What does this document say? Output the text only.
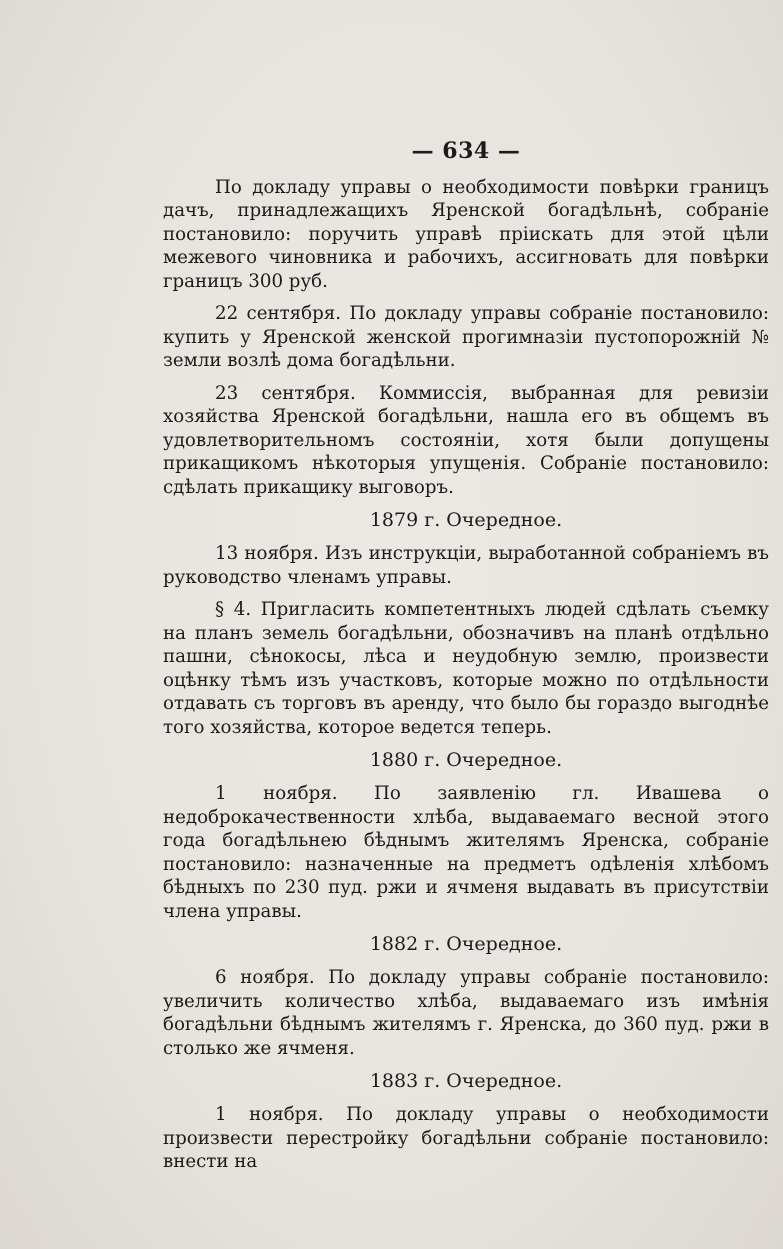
— 634 —

По докладу управы о необходимости повѣрки границъ дачъ, принадлежащихъ Яренской богадѣльнѣ, собраніе постановило: поручить управѣ пріискать для этой цѣли межевого чиновника и рабочихъ, ассигновать для повѣрки границъ 300 руб.

22 сентября. По докладу управы собраніе постановило: купить у Яренской женской прогимназіи пустопорожній № земли возлѣ дома богадѣльни.

23 сентября. Коммиссія, выбранная для ревизіи хозяйства Яренской богадѣльни, нашла его въ общемъ въ удовлетворительномъ состояніи, хотя были допущены прикащикомъ нѣкоторыя упущенія. Собраніе постановило: сдѣлать прикащику выговоръ.

1879 г. Очередное.

13 ноября. Изъ инструкціи, выработанной собраніемъ въ руководство членамъ управы.

§ 4. Пригласить компетентныхъ людей сдѣлать съемку на планъ земель богадѣльни, обозначивъ на планѣ отдѣльно пашни, сѣнокосы, лѣса и неудобную землю, произвести оцѣнку тѣмъ изъ участковъ, которые можно по отдѣльности отдавать съ торговъ въ аренду, что было бы гораздо выгоднѣе того хозяйства, которое ведется теперь.

1880 г. Очередное.

1 ноября. По заявленію гл. Ивашева о недоброкачественности хлѣба, выдаваемаго весной этого года богадѣльнею бѣднымъ жителямъ Яренска, собраніе постановило: назначенные на предметъ одѣленія хлѣбомъ бѣдныхъ по 230 пуд. ржи и ячменя выдавать въ присутствіи члена управы.

1882 г. Очередное.

6 ноября. По докладу управы собраніе постановило: увеличить количество хлѣба, выдаваемаго изъ имѣнія богадѣльни бѣднымъ жителямъ г. Яренска, до 360 пуд. ржи в столько же ячменя.

1883 г. Очередное.

1 ноября. По докладу управы о необходимости произвести перестройку богадѣльни собраніе постановило: внести на
